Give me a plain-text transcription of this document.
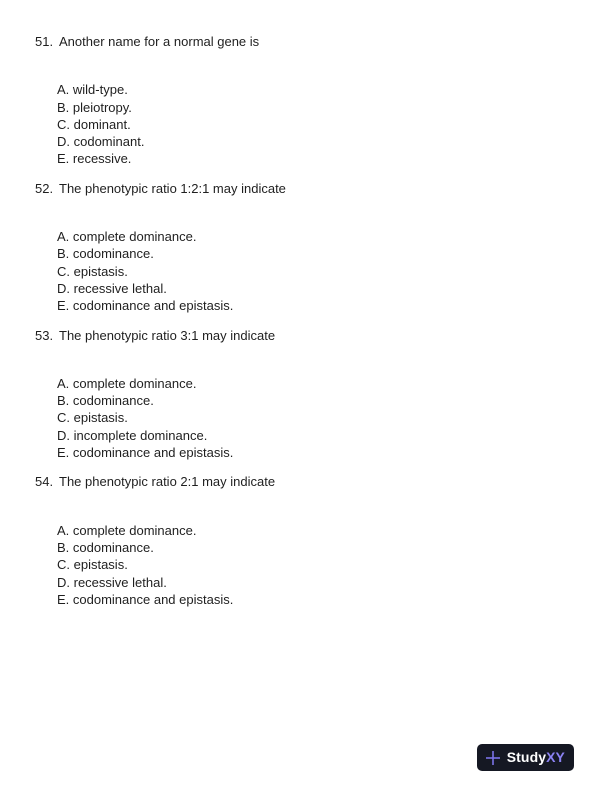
51. Another name for a normal gene is
A. wild-type.
B. pleiotropy.
C. dominant.
D. codominant.
E. recessive.
52. The phenotypic ratio 1:2:1 may indicate
A. complete dominance.
B. codominance.
C. epistasis.
D. recessive lethal.
E. codominance and epistasis.
53. The phenotypic ratio 3:1 may indicate
A. complete dominance.
B. codominance.
C. epistasis.
D. incomplete dominance.
E. codominance and epistasis.
54. The phenotypic ratio 2:1 may indicate
A. complete dominance.
B. codominance.
C. epistasis.
D. recessive lethal.
E. codominance and epistasis.
StudyXY
